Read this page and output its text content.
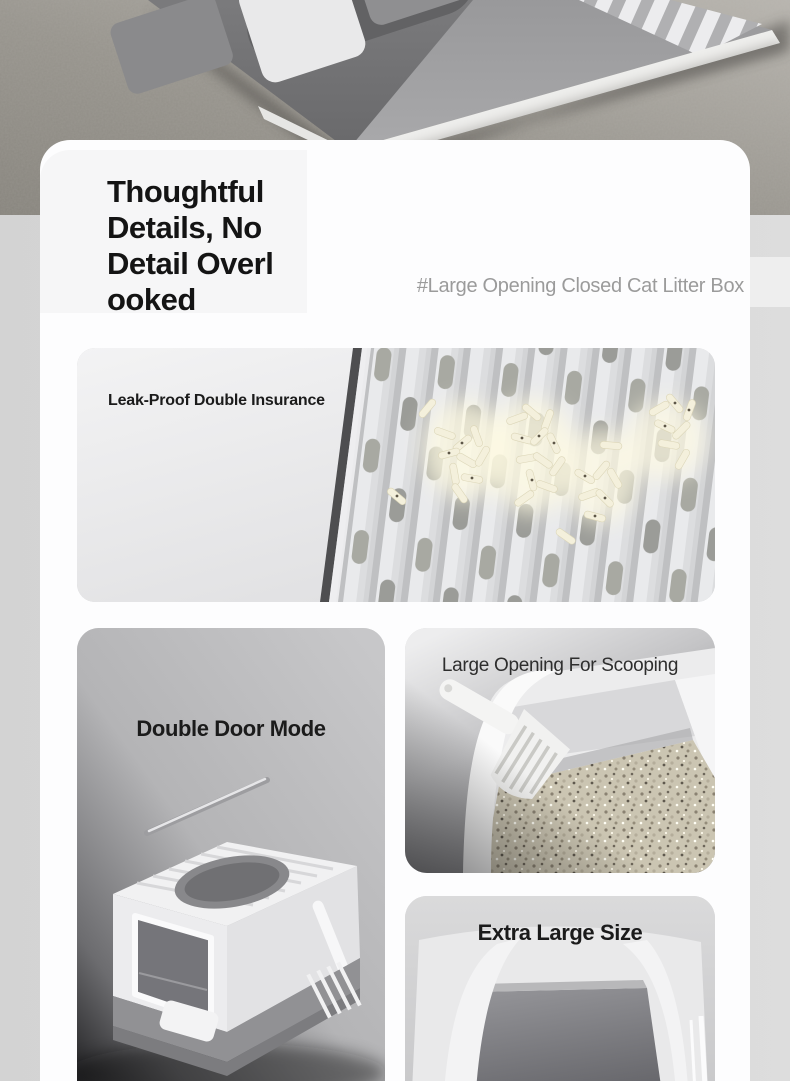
Thoughtful
Details, No
Detail Overl
ooked	#Large Opening Closed Cat Litter Box
Leak-Proof Double Insurance
Double Door Mode
Large Opening For Scooping
Extra Large Size
